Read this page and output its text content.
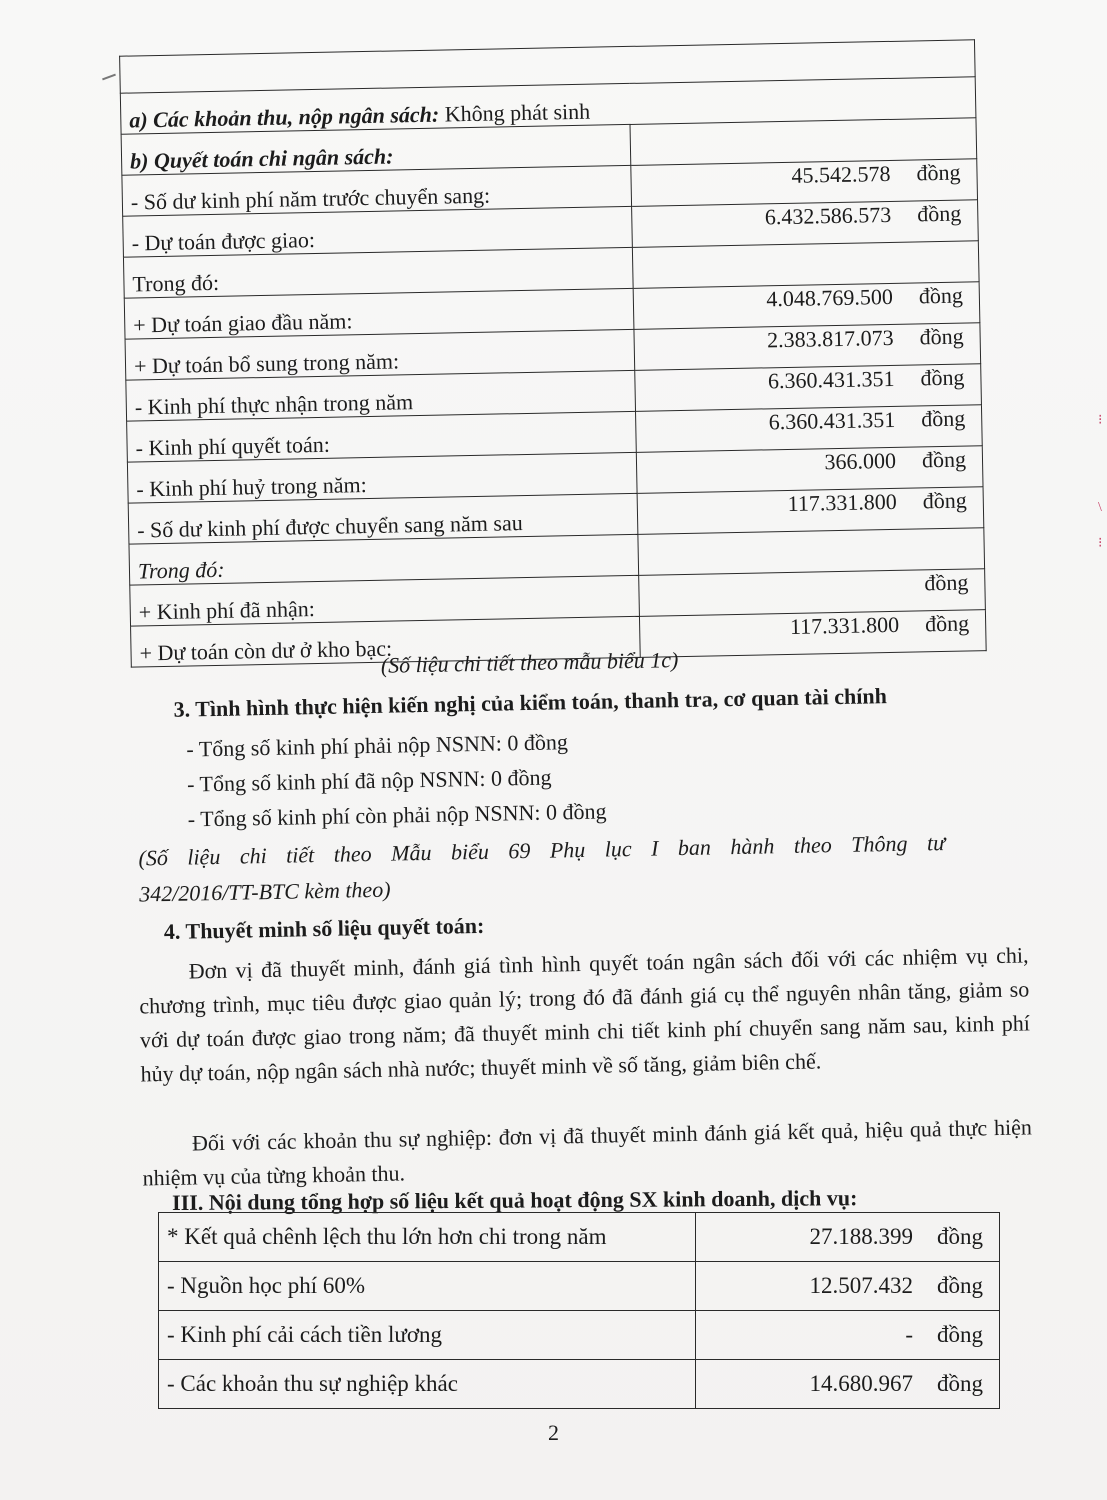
a) Các khoản thu, nộp ngân sách: Không phát sinh	
b) Quyết toán chi ngân sách:	
- Số dư kinh phí năm trước chuyển sang:	45.542.578 đồng
- Dự toán được giao:	6.432.586.573 đồng
Trong đó:	
+ Dự toán giao đầu năm:	4.048.769.500 đồng
+ Dự toán bổ sung trong năm:	2.383.817.073 đồng
- Kinh phí thực nhận trong năm	6.360.431.351 đồng
- Kinh phí quyết toán:	6.360.431.351 đồng
- Kinh phí huỷ trong năm:	366.000 đồng
- Số dư kinh phí được chuyển sang năm sau	117.331.800 đồng
Trong đó:	
+ Kinh phí đã nhận:	đồng
+ Dự toán còn dư ở kho bạc:	117.331.800 đồng
(Số liệu chi tiết theo mẫu biểu 1c)
3. Tình hình thực hiện kiến nghị của kiểm toán, thanh tra, cơ quan tài chính
- Tổng số kinh phí phải nộp NSNN: 0 đồng
- Tổng số kinh phí đã nộp NSNN: 0 đồng
- Tổng số kinh phí còn phải nộp NSNN: 0 đồng
(Số liệu chi tiết theo Mẫu biểu 69 Phụ lục I ban hành theo Thông tư
342/2016/TT-BTC kèm theo)
4. Thuyết minh số liệu quyết toán:
Đơn vị đã thuyết minh, đánh giá tình hình quyết toán ngân sách đối với các nhiệm vụ chi, chương trình, mục tiêu được giao quản lý; trong đó đã đánh giá cụ thể nguyên nhân tăng, giảm so với dự toán được giao trong năm; đã thuyết minh chi tiết kinh phí chuyển sang năm sau, kinh phí hủy dự toán, nộp ngân sách nhà nước; thuyết minh về số tăng, giảm biên chế.
Đối với các khoản thu sự nghiệp: đơn vị đã thuyết minh đánh giá kết quả, hiệu quả thực hiện nhiệm vụ của từng khoản thu.
III. Nội dung tổng hợp số liệu kết quả hoạt động SX kinh doanh, dịch vụ:
* Kết quả chênh lệch thu lớn hơn chi trong năm	27.188.399 đồng
- Nguồn học phí 60%	12.507.432 đồng
- Kinh phí cải cách tiền lương	- đồng
- Các khoản thu sự nghiệp khác	14.680.967 đồng
2
⁝
\
⁝
